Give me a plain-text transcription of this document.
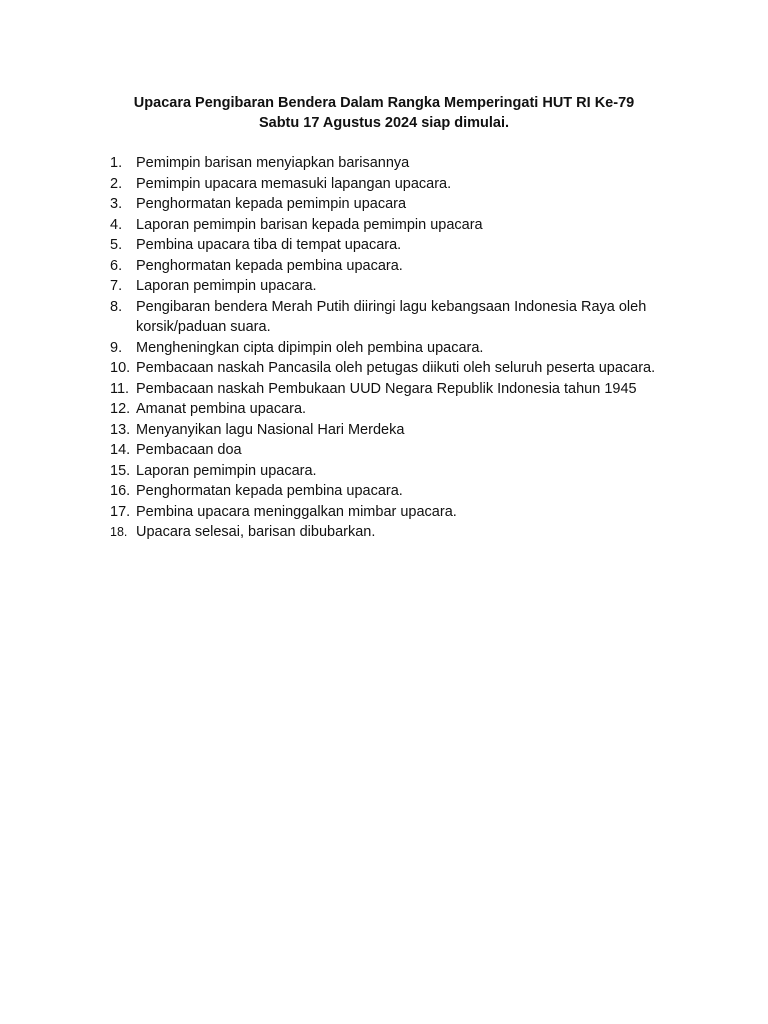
Upacara Pengibaran Bendera Dalam Rangka Memperingati HUT RI Ke-79
Sabtu 17 Agustus 2024 siap dimulai.
1. Pemimpin barisan menyiapkan barisannya
2. Pemimpin upacara memasuki lapangan upacara.
3. Penghormatan kepada pemimpin upacara
4. Laporan pemimpin barisan kepada pemimpin upacara
5. Pembina upacara tiba di tempat upacara.
6. Penghormatan kepada pembina upacara.
7. Laporan pemimpin upacara.
8. Pengibaran bendera Merah Putih diiringi lagu kebangsaan Indonesia Raya oleh korsik/paduan suara.
9. Mengheningkan cipta dipimpin oleh pembina upacara.
10. Pembacaan naskah Pancasila oleh petugas diikuti oleh seluruh peserta upacara.
11. Pembacaan naskah Pembukaan UUD Negara Republik Indonesia tahun 1945
12. Amanat pembina upacara.
13. Menyanyikan lagu Nasional Hari Merdeka
14. Pembacaan doa
15. Laporan pemimpin upacara.
16. Penghormatan kepada pembina upacara.
17. Pembina upacara meninggalkan mimbar upacara.
18. Upacara selesai, barisan dibubarkan.
